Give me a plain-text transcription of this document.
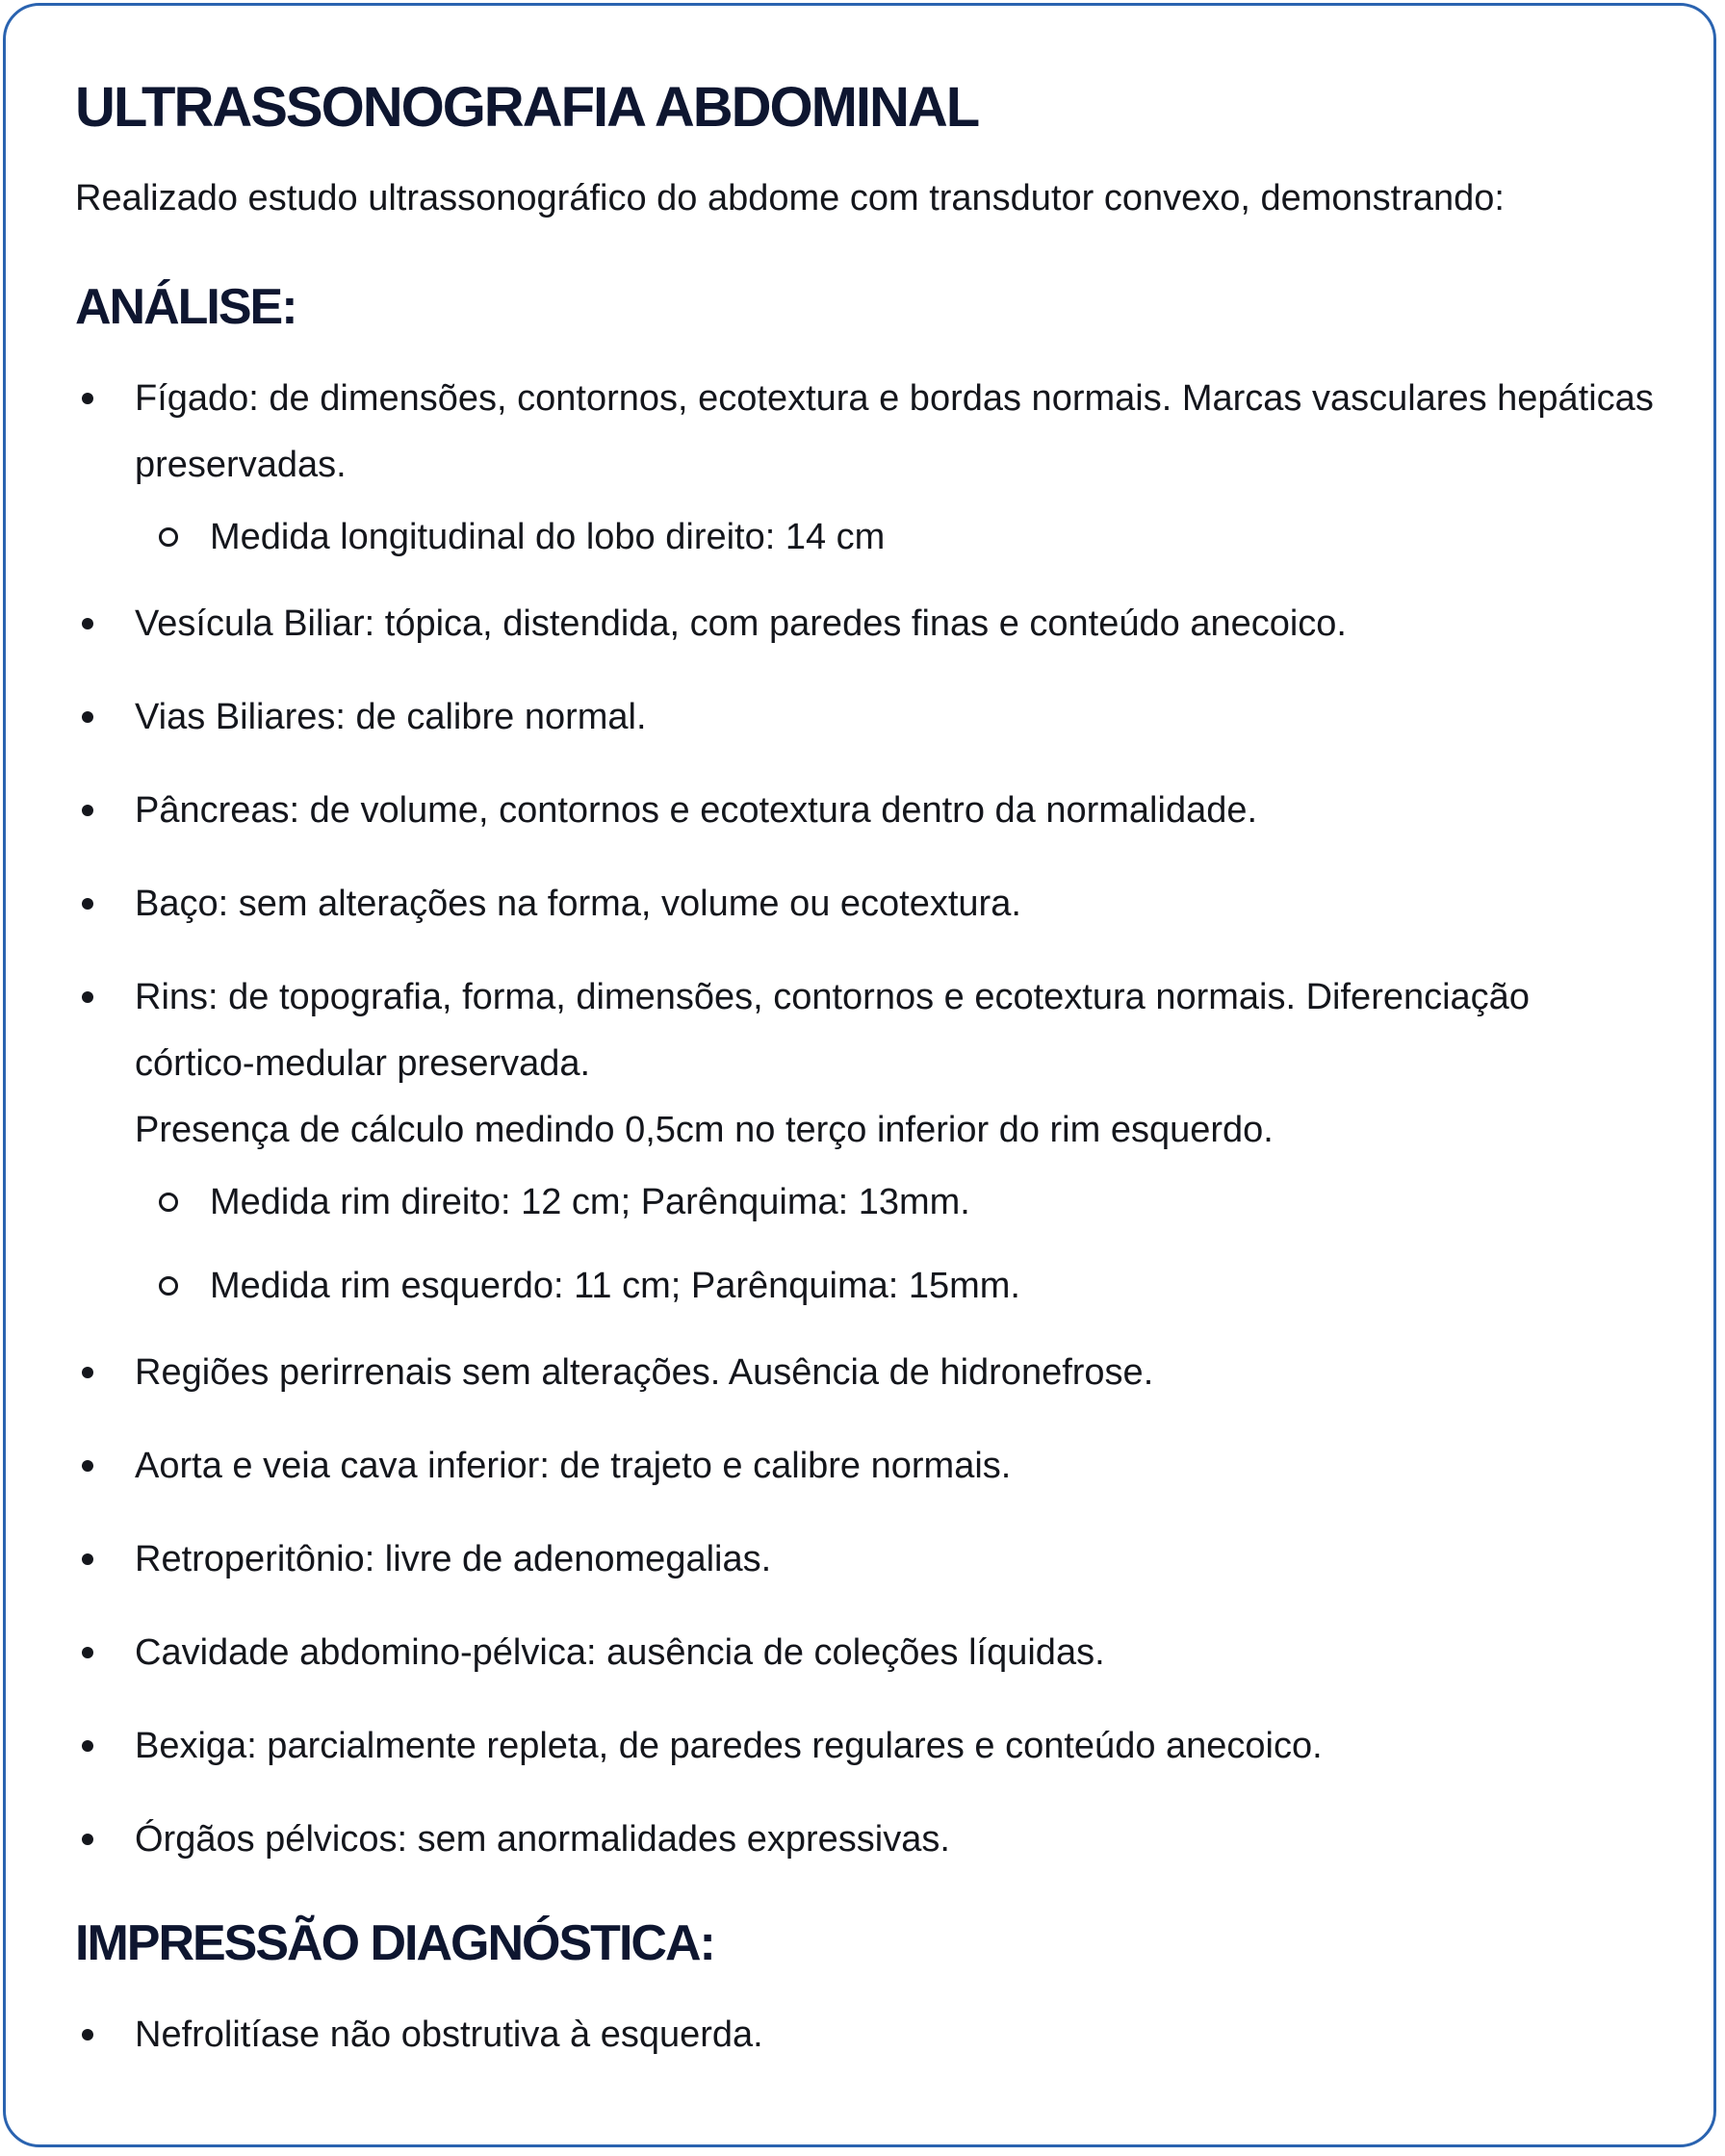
ULTRASSONOGRAFIA ABDOMINAL

Realizado estudo ultrassonográfico do abdome com transdutor convexo, demonstrando:

ANÁLISE:
Fígado: de dimensões, contornos, ecotextura e bordas normais. Marcas vasculares hepáticas preservadas.
Medida longitudinal do lobo direito: 14 cm
Vesícula Biliar: tópica, distendida, com paredes finas e conteúdo anecoico.
Vias Biliares: de calibre normal.
Pâncreas: de volume, contornos e ecotextura dentro da normalidade.
Baço: sem alterações na forma, volume ou ecotextura.
Rins: de topografia, forma, dimensões, contornos e ecotextura normais. Diferenciação córtico-medular preservada.
Presença de cálculo medindo 0,5cm no terço inferior do rim esquerdo.
Medida rim direito: 12 cm; Parênquima: 13mm.
Medida rim esquerdo: 11 cm; Parênquima: 15mm.
Regiões perirrenais sem alterações. Ausência de hidronefrose.
Aorta e veia cava inferior: de trajeto e calibre normais.
Retroperitônio: livre de adenomegalias.
Cavidade abdomino-pélvica: ausência de coleções líquidas.
Bexiga: parcialmente repleta, de paredes regulares e conteúdo anecoico.
Órgãos pélvicos: sem anormalidades expressivas.
IMPRESSÃO DIAGNÓSTICA:
Nefrolitíase não obstrutiva à esquerda.
